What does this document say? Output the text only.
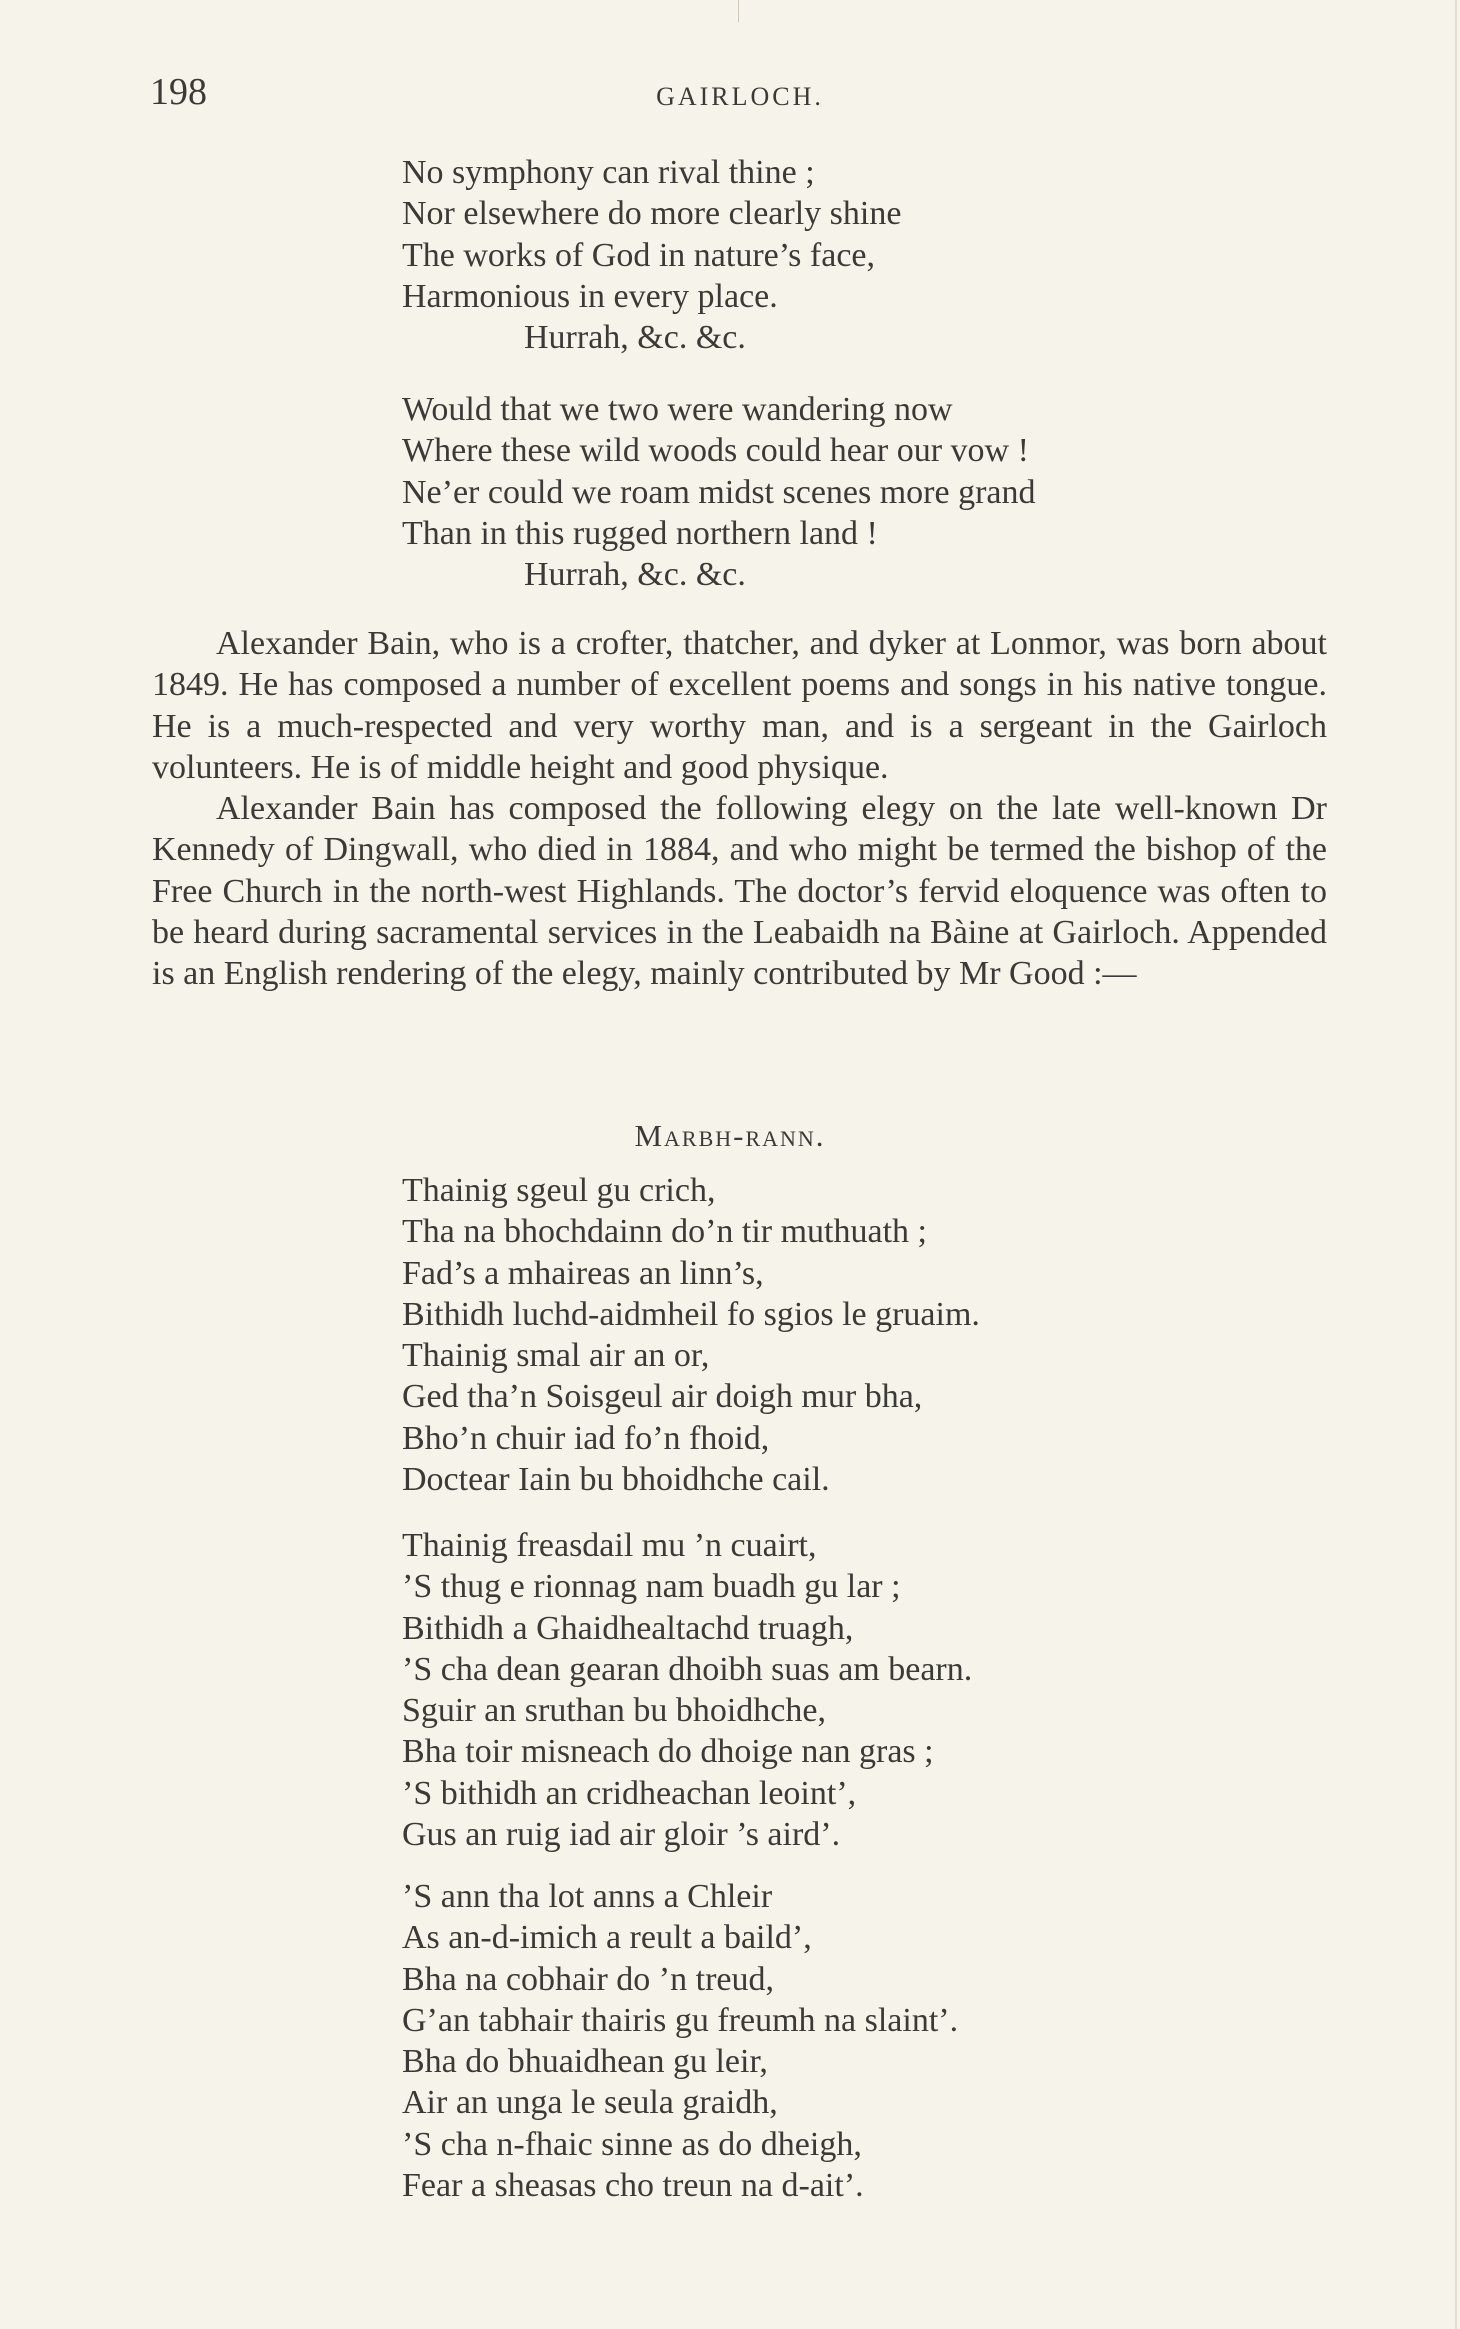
198	GAIRLOCH.
No symphony can rival thine ;
Nor elsewhere do more clearly shine
The works of God in nature’s face,
Harmonious in every place.
Hurrah, &c. &c.
Would that we two were wandering now
Where these wild woods could hear our vow !
Ne’er could we roam midst scenes more grand
Than in this rugged northern land !
Hurrah, &c. &c.

Alexander Bain, who is a crofter, thatcher, and dyker at Lonmor, was born about 1849. He has composed a number of excellent poems and songs in his native tongue. He is a much-respected and very worthy man, and is a sergeant in the Gairloch volunteers. He is of middle height and good physique.

Alexander Bain has composed the following elegy on the late well-known Dr Kennedy of Dingwall, who died in 1884, and who might be termed the bishop of the Free Church in the north-west Highlands. The doctor’s fervid eloquence was often to be heard during sacramental services in the Leabaidh na Bàine at Gairloch. Appended is an English rendering of the elegy, mainly contributed by Mr Good :—

Marbh-rann.
Thainig sgeul gu crich,
Tha na bhochdainn do’n tir muthuath ;
Fad’s a mhaireas an linn’s,
Bithidh luchd-aidmheil fo sgios le gruaim.
Thainig smal air an or,
Ged tha’n Soisgeul air doigh mur bha,
Bho’n chuir iad fo’n fhoid,
Doctear Iain bu bhoidhche cail.
Thainig freasdail mu ’n cuairt,
’S thug e rionnag nam buadh gu lar ;
Bithidh a Ghaidhealtachd truagh,
’S cha dean gearan dhoibh suas am bearn.
Sguir an sruthan bu bhoidhche,
Bha toir misneach do dhoige nan gras ;
’S bithidh an cridheachan leoint’,
Gus an ruig iad air gloir ’s aird’.
’S ann tha lot anns a Chleir
As an-d-imich a reult a baild’,
Bha na cobhair do ’n treud,
G’an tabhair thairis gu freumh na slaint’.
Bha do bhuaidhean gu leir,
Air an unga le seula graidh,
’S cha n-fhaic sinne as do dheigh,
Fear a sheasas cho treun na d-ait’.
